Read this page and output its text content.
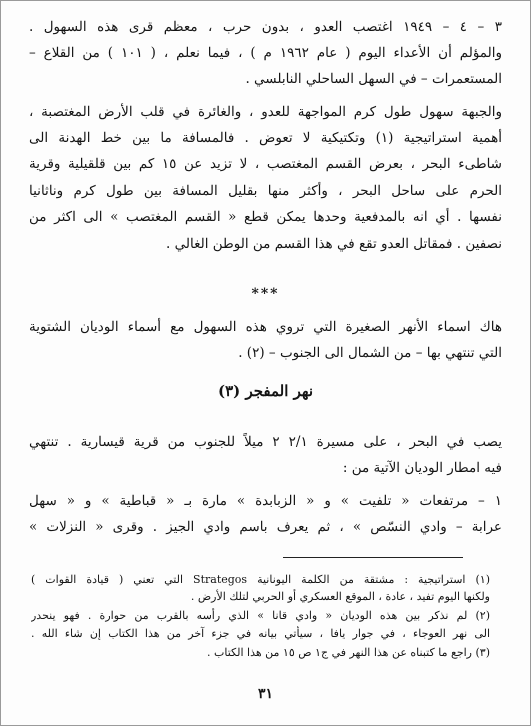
٣ – ٤ – ١٩٤٩ اغتصب العدو ، بدون حرب ، معظم قرى هذه السهول .
والمؤلم أن الأعداء اليوم ( عام ١٩٦٢ م ) ، فيما نعلم ، ( ١٠١ ) من القلاع –
المستعمرات – في السهل الساحلي النابلسي .
والجبهة سهول طول كرم المواجهة للعدو ، والغائرة في قلب الأرض المغتصبة ،
أهمية استراتيجية (١) وتكتيكية لا تعوض . فالمسافة ما بين خط الهدنة الى
شاطىء البحر ، بعرض القسم المغتصب ، لا تزيد عن ١٥ كم بين قلقيلية وقرية
الحرم على ساحل البحر ، وأكثر منها بقليل المسافة بين طول كرم وناثانيا
نفسها . أي انه بالمدفعية وحدها يمكن قطع « القسم المغتصب » الى اكثر من
نصفين . فمقاتل العدو تقع في هذا القسم من الوطن الغالي .
***
هاك اسماء الأنهر الصغيرة التي تروي هذه السهول مع أسماء الوديان الشتوية
التي تنتهي بها – من الشمال الى الجنوب – (٢) .
نهر المفجر (٣)
يصب في البحر ، على مسيرة ٢/١ ٢ ميلاً للجنوب من قرية قيسارية . تنتهي
فيه امطار الوديان الآتية من :
١ – مرتفعات « تلفيت » و « الزبابدة » مارة بـ « قباطية » و « سهل
عرابة – وادي النسّص » ، ثم يعرف باسم وادي الجيز . وقرى « النزلات »
(١) استراتيجية : مشتقة من الكلمة اليونانية Strategos التي تعني ( قيادة القوات )
ولكنها اليوم تفيد ، عادة ، الموقع العسكري أو الحربي لتلك الأرض .
(٢) لم نذكر بين هذه الوديان « وادي قانا » الذي رأسه بالقرب من حوارة . فهو ينحدر
الى نهر العوجاء ، في جوار يافا ، سيأتي بيانه في جزء آخر من هذا الكتاب إن شاء الله .
(٣) راجع ما كتبناه عن هذا النهر في ج١ ص ١٥ من هذا الكتاب .
٣١
